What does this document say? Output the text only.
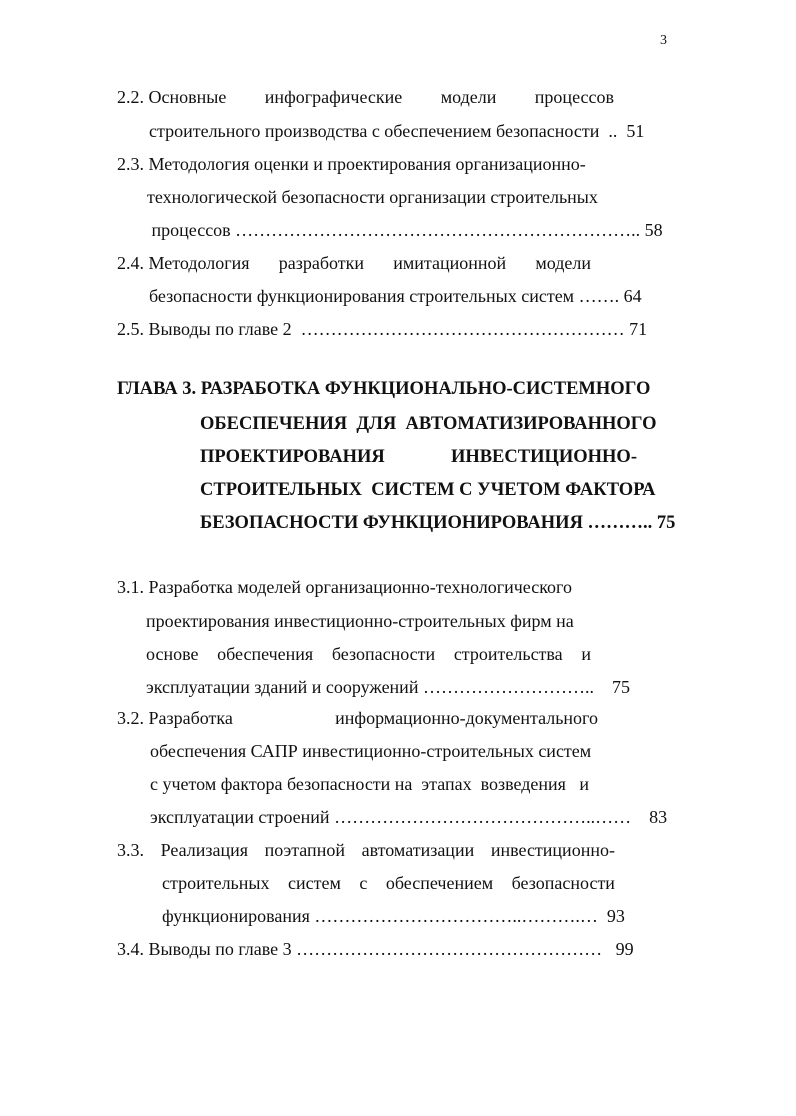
3
2.2. Основные инфографические модели процессов
строительного производства с обеспечением безопасности  ..  51
2.3. Методология оценки и проектирования организационно-
технологической безопасности организации строительных
процессов ………………………………………………………….. 58
2.4. Методология разработки имитационной модели
безопасности функционирования строительных систем ……. 64
2.5. Выводы по главе 2  ……………………………………………… 71
ГЛАВА 3. РАЗРАБОТКА ФУНКЦИОНАЛЬНО-СИСТЕМНОГО
ОБЕСПЕЧЕНИЯ  ДЛЯ  АВТОМАТИЗИРОВАННОГО
ПРОЕКТИРОВАНИЯ	ИНВЕСТИЦИОННО-
СТРОИТЕЛЬНЫХ  СИСТЕМ С УЧЕТОМ ФАКТОРА
БЕЗОПАСНОСТИ ФУНКЦИОНИРОВАНИЯ ……….. 75
3.1. Разработка моделей организационно-технологического
проектирования инвестиционно-строительных фирм на
основе обеспечения безопасности строительства и
эксплуатации зданий и сооружений ………………………..    75
3.2. Разработка	информационно-документального
обеспечения САПР инвестиционно-строительных систем
с учетом фактора безопасности на  этапах  возведения   и
эксплуатации строений ……………………………………..……    83
3.3. Реализация поэтапной автоматизации инвестиционно-
строительных систем с обеспечением безопасности
функционирования ……………………………..……….…  93
3.4. Выводы по главе 3 ……………………………………………   99
